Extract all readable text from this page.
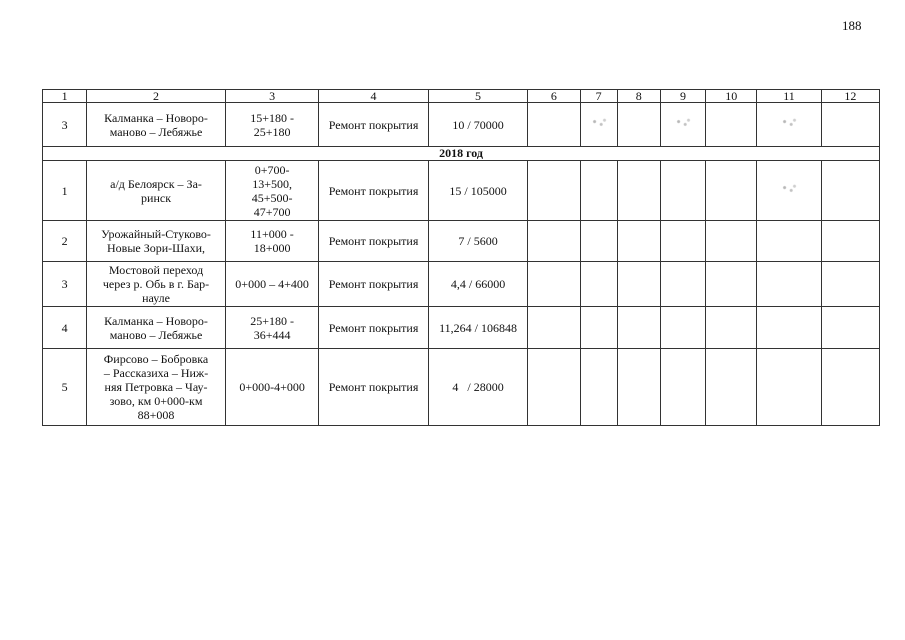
188
1	2	3	4	5	6	7	8	9	10	11	12
3	Калманка – Новоро-
маново – Лебяжье	15+180 -
25+180	Ремонт покрытия	10 / 70000							
2018 год											
1	а/д Белоярск – За-
ринск	0+700-
13+500,
45+500-
47+700	Ремонт покрытия	15 / 105000							
2	Урожайный-Стуково-
Новые Зори-Шахи,	11+000 -
18+000	Ремонт покрытия	7 / 5600							
3	Мостовой переход
через р. Обь в г. Бар-
науле	0+000 – 4+400	Ремонт покрытия	4,4 / 66000							
4	Калманка – Новоро-
маново – Лебяжье	25+180 -
36+444	Ремонт покрытия	11,264 / 106848							
5	Фирсово – Бобровка
– Рассказиха – Ниж-
няя Петровка – Чау-
зово, км 0+000-км
88+008	0+000-4+000	Ремонт покрытия	4   / 28000							
